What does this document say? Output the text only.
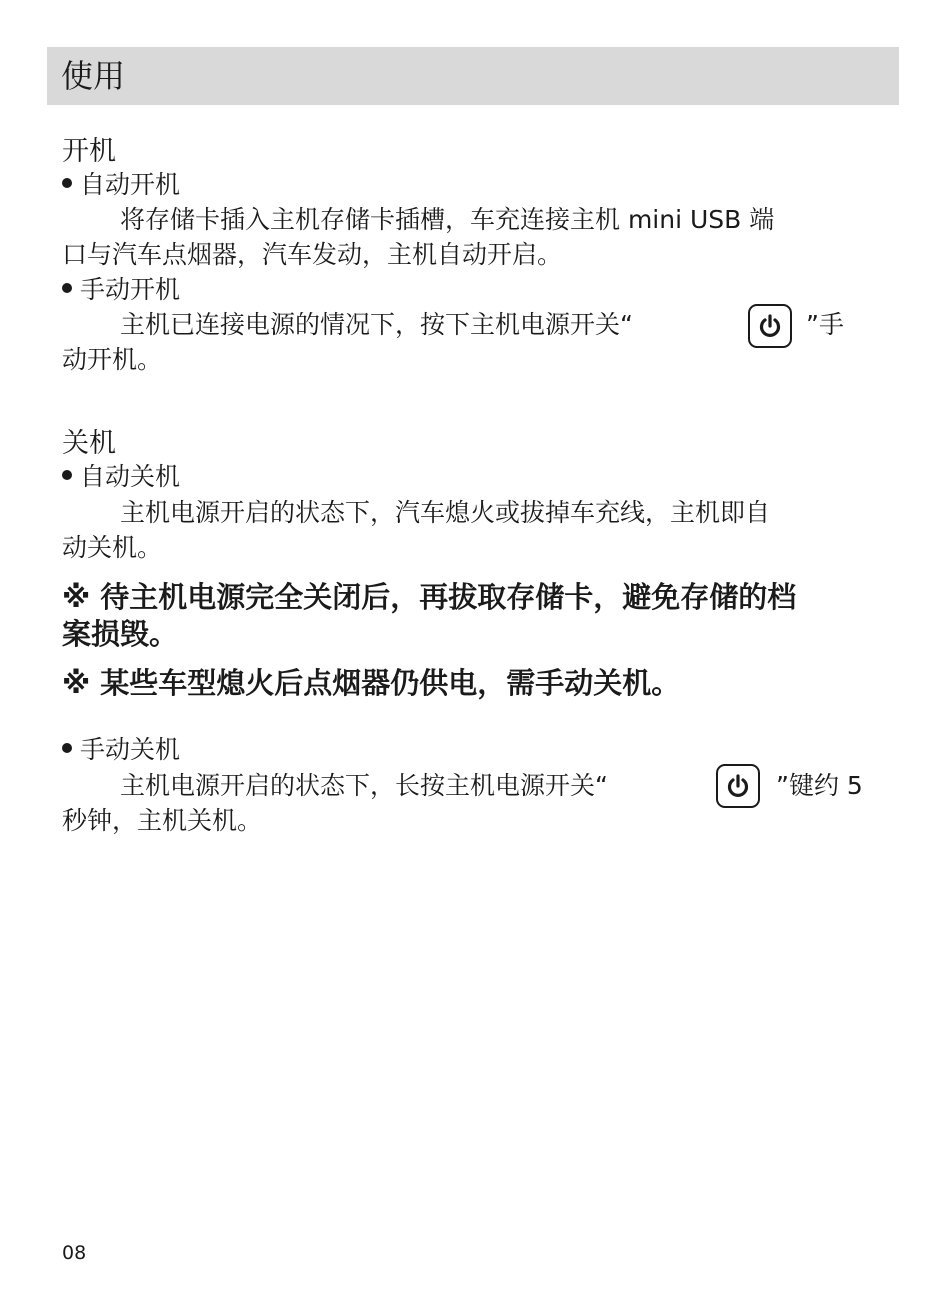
使用
开机
自动开机
将存储卡插入主机存储卡插槽，车充连接主机 mini USB 端
口与汽车点烟器，汽车发动，主机自动开启。
手动开机
主机已连接电源的情况下，按下主机电源开关“	”手
动开机。
关机
自动关机
主机电源开启的状态下，汽车熄火或拔掉车充线，主机即自
动关机。
※ 待主机电源完全关闭后，再拔取存储卡，避免存储的档
案损毁。
※ 某些车型熄火后点烟器仍供电，需手动关机。
手动关机
主机电源开启的状态下，长按主机电源开关“	”键约 5
秒钟，主机关机。
08
